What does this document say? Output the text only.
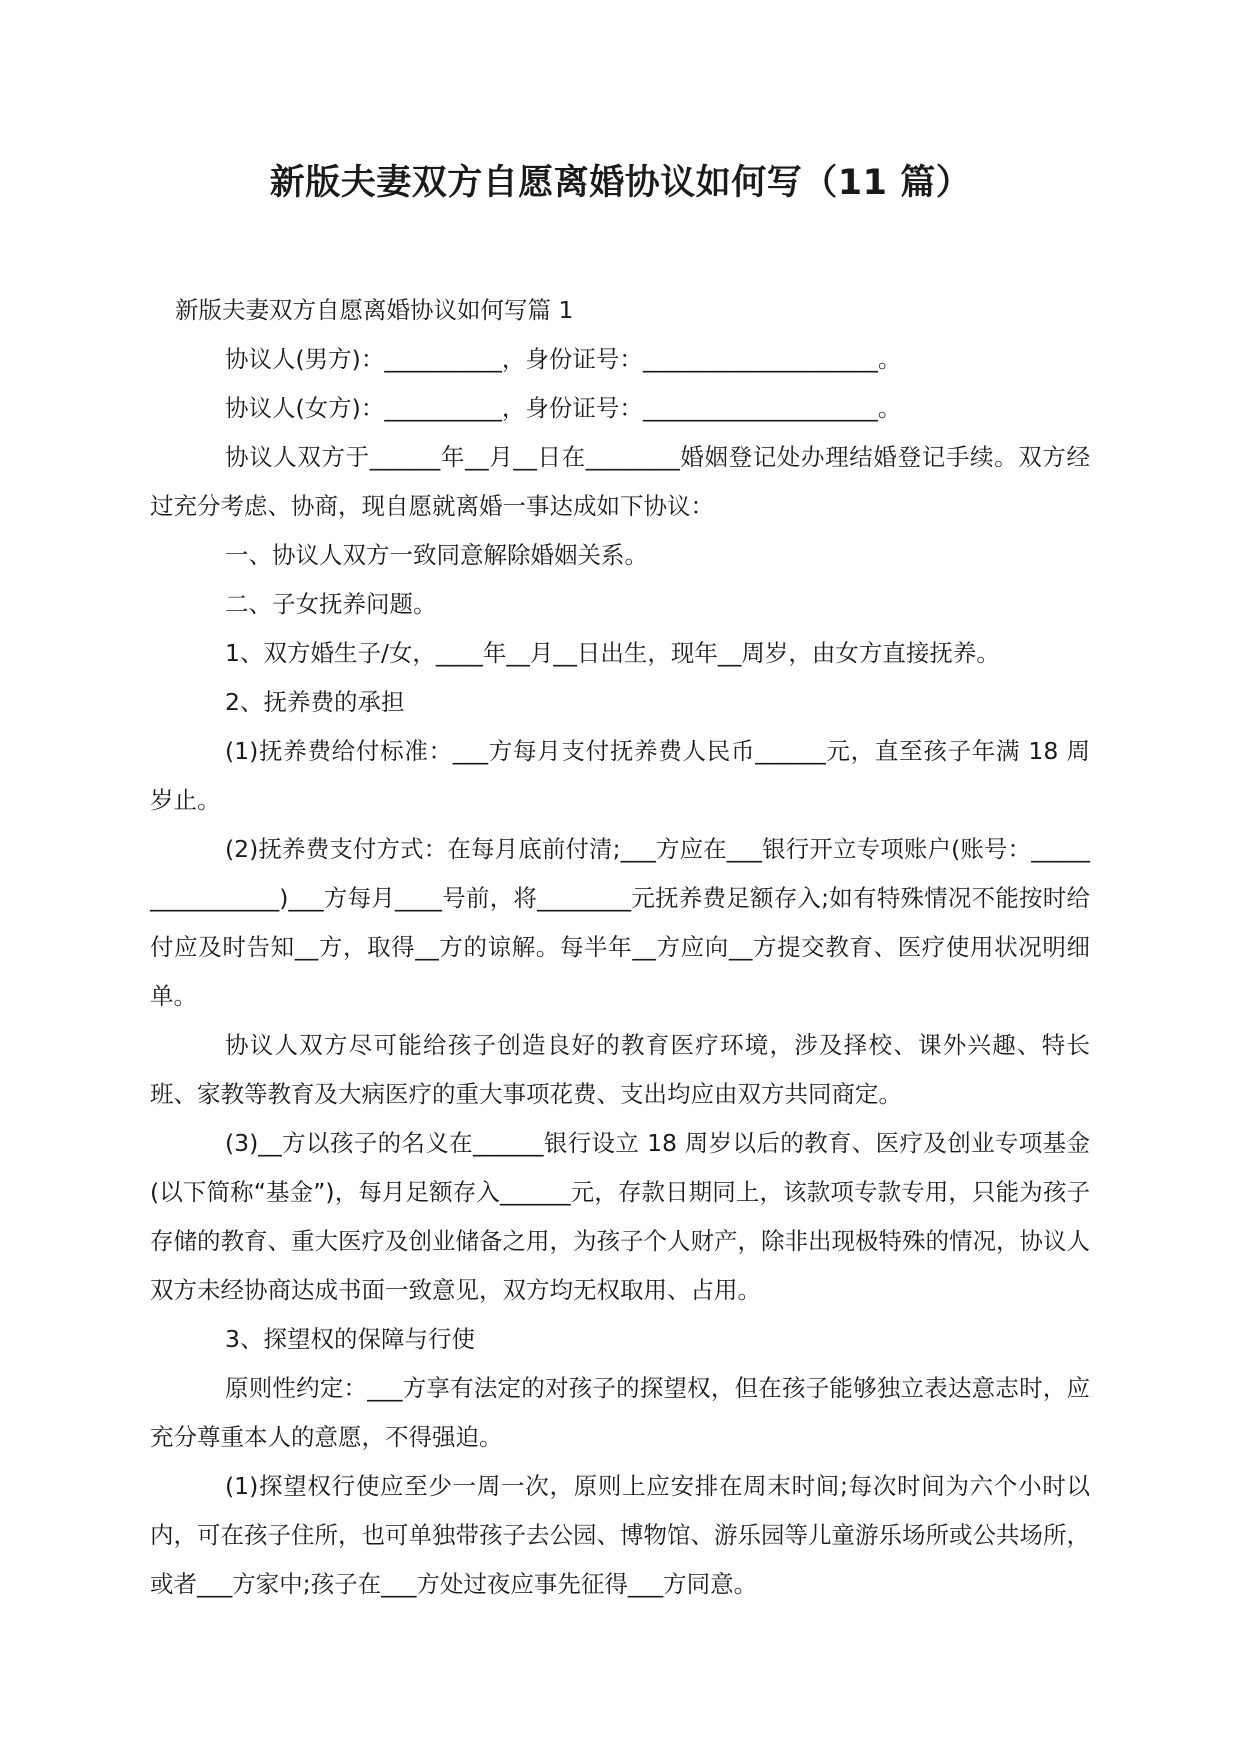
新版夫妻双方自愿离婚协议如何写（11 篇）

新版夫妻双方自愿离婚协议如何写篇 1

协议人(男方)：__________，身份证号：____________________。

协议人(女方)：__________，身份证号：____________________。

协议人双方于______年__月__日在________婚姻登记处办理结婚登记手续。双方经过充分考虑、协商，现自愿就离婚一事达成如下协议：

一、协议人双方一致同意解除婚姻关系。

二、子女抚养问题。

1、双方婚生子/女，____年__月__日出生，现年__周岁，由女方直接抚养。

2、抚养费的承担

(1)抚养费给付标准：___方每月支付抚养费人民币______元，直至孩子年满 18 周岁止。

(2)抚养费支付方式：在每月底前付清;___方应在___银行开立专项账户(账号：________________)___方每月____号前，将________元抚养费足额存入;如有特殊情况不能按时给付应及时告知__方，取得__方的谅解。每半年__方应向__方提交教育、医疗使用状况明细单。

协议人双方尽可能给孩子创造良好的教育医疗环境，涉及择校、课外兴趣、特长班、家教等教育及大病医疗的重大事项花费、支出均应由双方共同商定。

(3)__方以孩子的名义在______银行设立 18 周岁以后的教育、医疗及创业专项基金(以下简称“基金”)，每月足额存入______元，存款日期同上，该款项专款专用，只能为孩子存储的教育、重大医疗及创业储备之用，为孩子个人财产，除非出现极特殊的情况，协议人双方未经协商达成书面一致意见，双方均无权取用、占用。

3、探望权的保障与行使

原则性约定：___方享有法定的对孩子的探望权，但在孩子能够独立表达意志时，应充分尊重本人的意愿，不得强迫。

(1)探望权行使应至少一周一次，原则上应安排在周末时间;每次时间为六个小时以内，可在孩子住所，也可单独带孩子去公园、博物馆、游乐园等儿童游乐场所或公共场所，或者___方家中;孩子在___方处过夜应事先征得___方同意。
